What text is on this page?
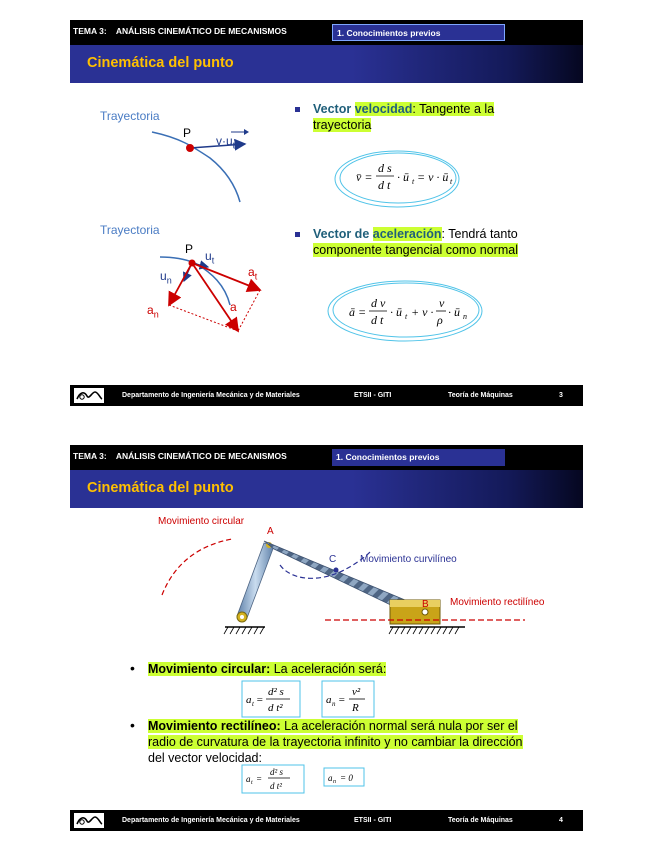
TEMA 3:    ANÁLISIS CINEMÁTICO DE MECANISMOS	1. Conocimientos previos
Cinemática del punto
Trayectoria
P
$v\cdot u_t$
Vector velocidad: Tangente a la
trayectoria
v̄ =
d s
d t
· ū t = v · ū t
Trayectoria
P $u_t$
$u_n$
$a_t$
$a_n$
a
Vector de aceleración: Tendrá tanto
componente tangencial como normal
ā =
d v
d t
· ū t + v ·
v
ρ
· ū n
Departamento de Ingeniería Mecánica y de Materiales	ETSII - GITI	Teoría de Máquinas	3
TEMA 3:    ANÁLISIS CINEMÁTICO DE MECANISMOS	1. Conocimientos previos
Cinemática del punto
Movimiento circular
Movimiento curvilíneo
Movimiento rectilíneo
A
C
B
• Movimiento circular: La aceleración será:
a t =
d² s
d t²
a n =
v²
R
• Movimiento rectilíneo: La aceleración normal será nula por ser el
radio de curvatura de la trayectoria infinito y no cambiar la dirección
del vector velocidad:
a t =
d² s
d t²
a n = 0
Departamento de Ingeniería Mecánica y de Materiales	ETSII - GITI	Teoría de Máquinas	4
